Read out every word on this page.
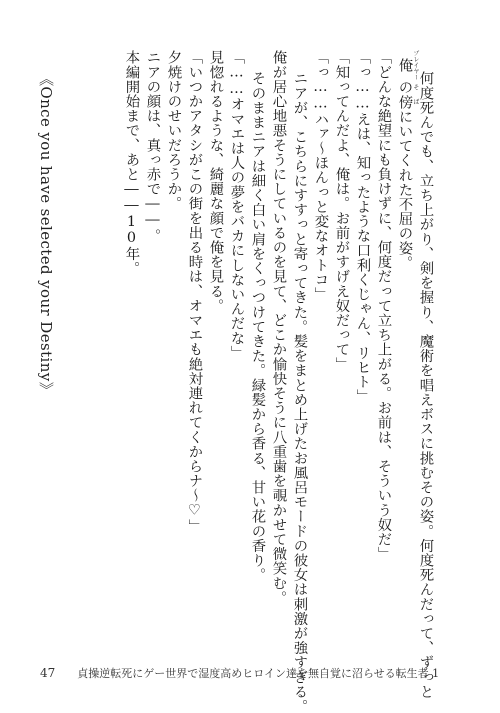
何度死んでも、立ち上がり、剣を握り、魔術を唱えボスに挑むその姿。何度死んだって、ずっと
俺 プレイヤーの傍 そばにいてくれた不屈の姿。
「どんな絶望にも負けずに、何度だって立ち上がる。お前は、そういう奴だ」
「っ……えは、知ったような口利くじゃん、リヒト」
「知ってんだよ、俺は。お前がすげえ奴だって」
「っ……ハァ～ほんっと変なオトコ」
ニアが、こちらにすすっと寄ってきた。髪をまとめ上げたお風呂モードの彼女は刺激が強すぎる。
俺が居心地悪そうにしているのを見て、どこか愉快そうに八重歯を覗かせて微笑む。
そのままニアは細く白い肩をくっつけてきた。緑髪から香る、甘い花の香り。
「……オマエは人の夢をバカにしないんだな」
見惚れるような、綺麗な顔で俺を見る。
「いつかアタシがこの街を出る時は、オマエも絶対連れてくからナ～♡」
夕焼けのせいだろうか。
ニアの顔は、真っ赤で――。
本編開始まで、あと――10年。
《Once you have selected your Destiny》
47 貞操逆転死にゲー世界で湿度高めヒロイン達を無自覚に沼らせる転生者 1
